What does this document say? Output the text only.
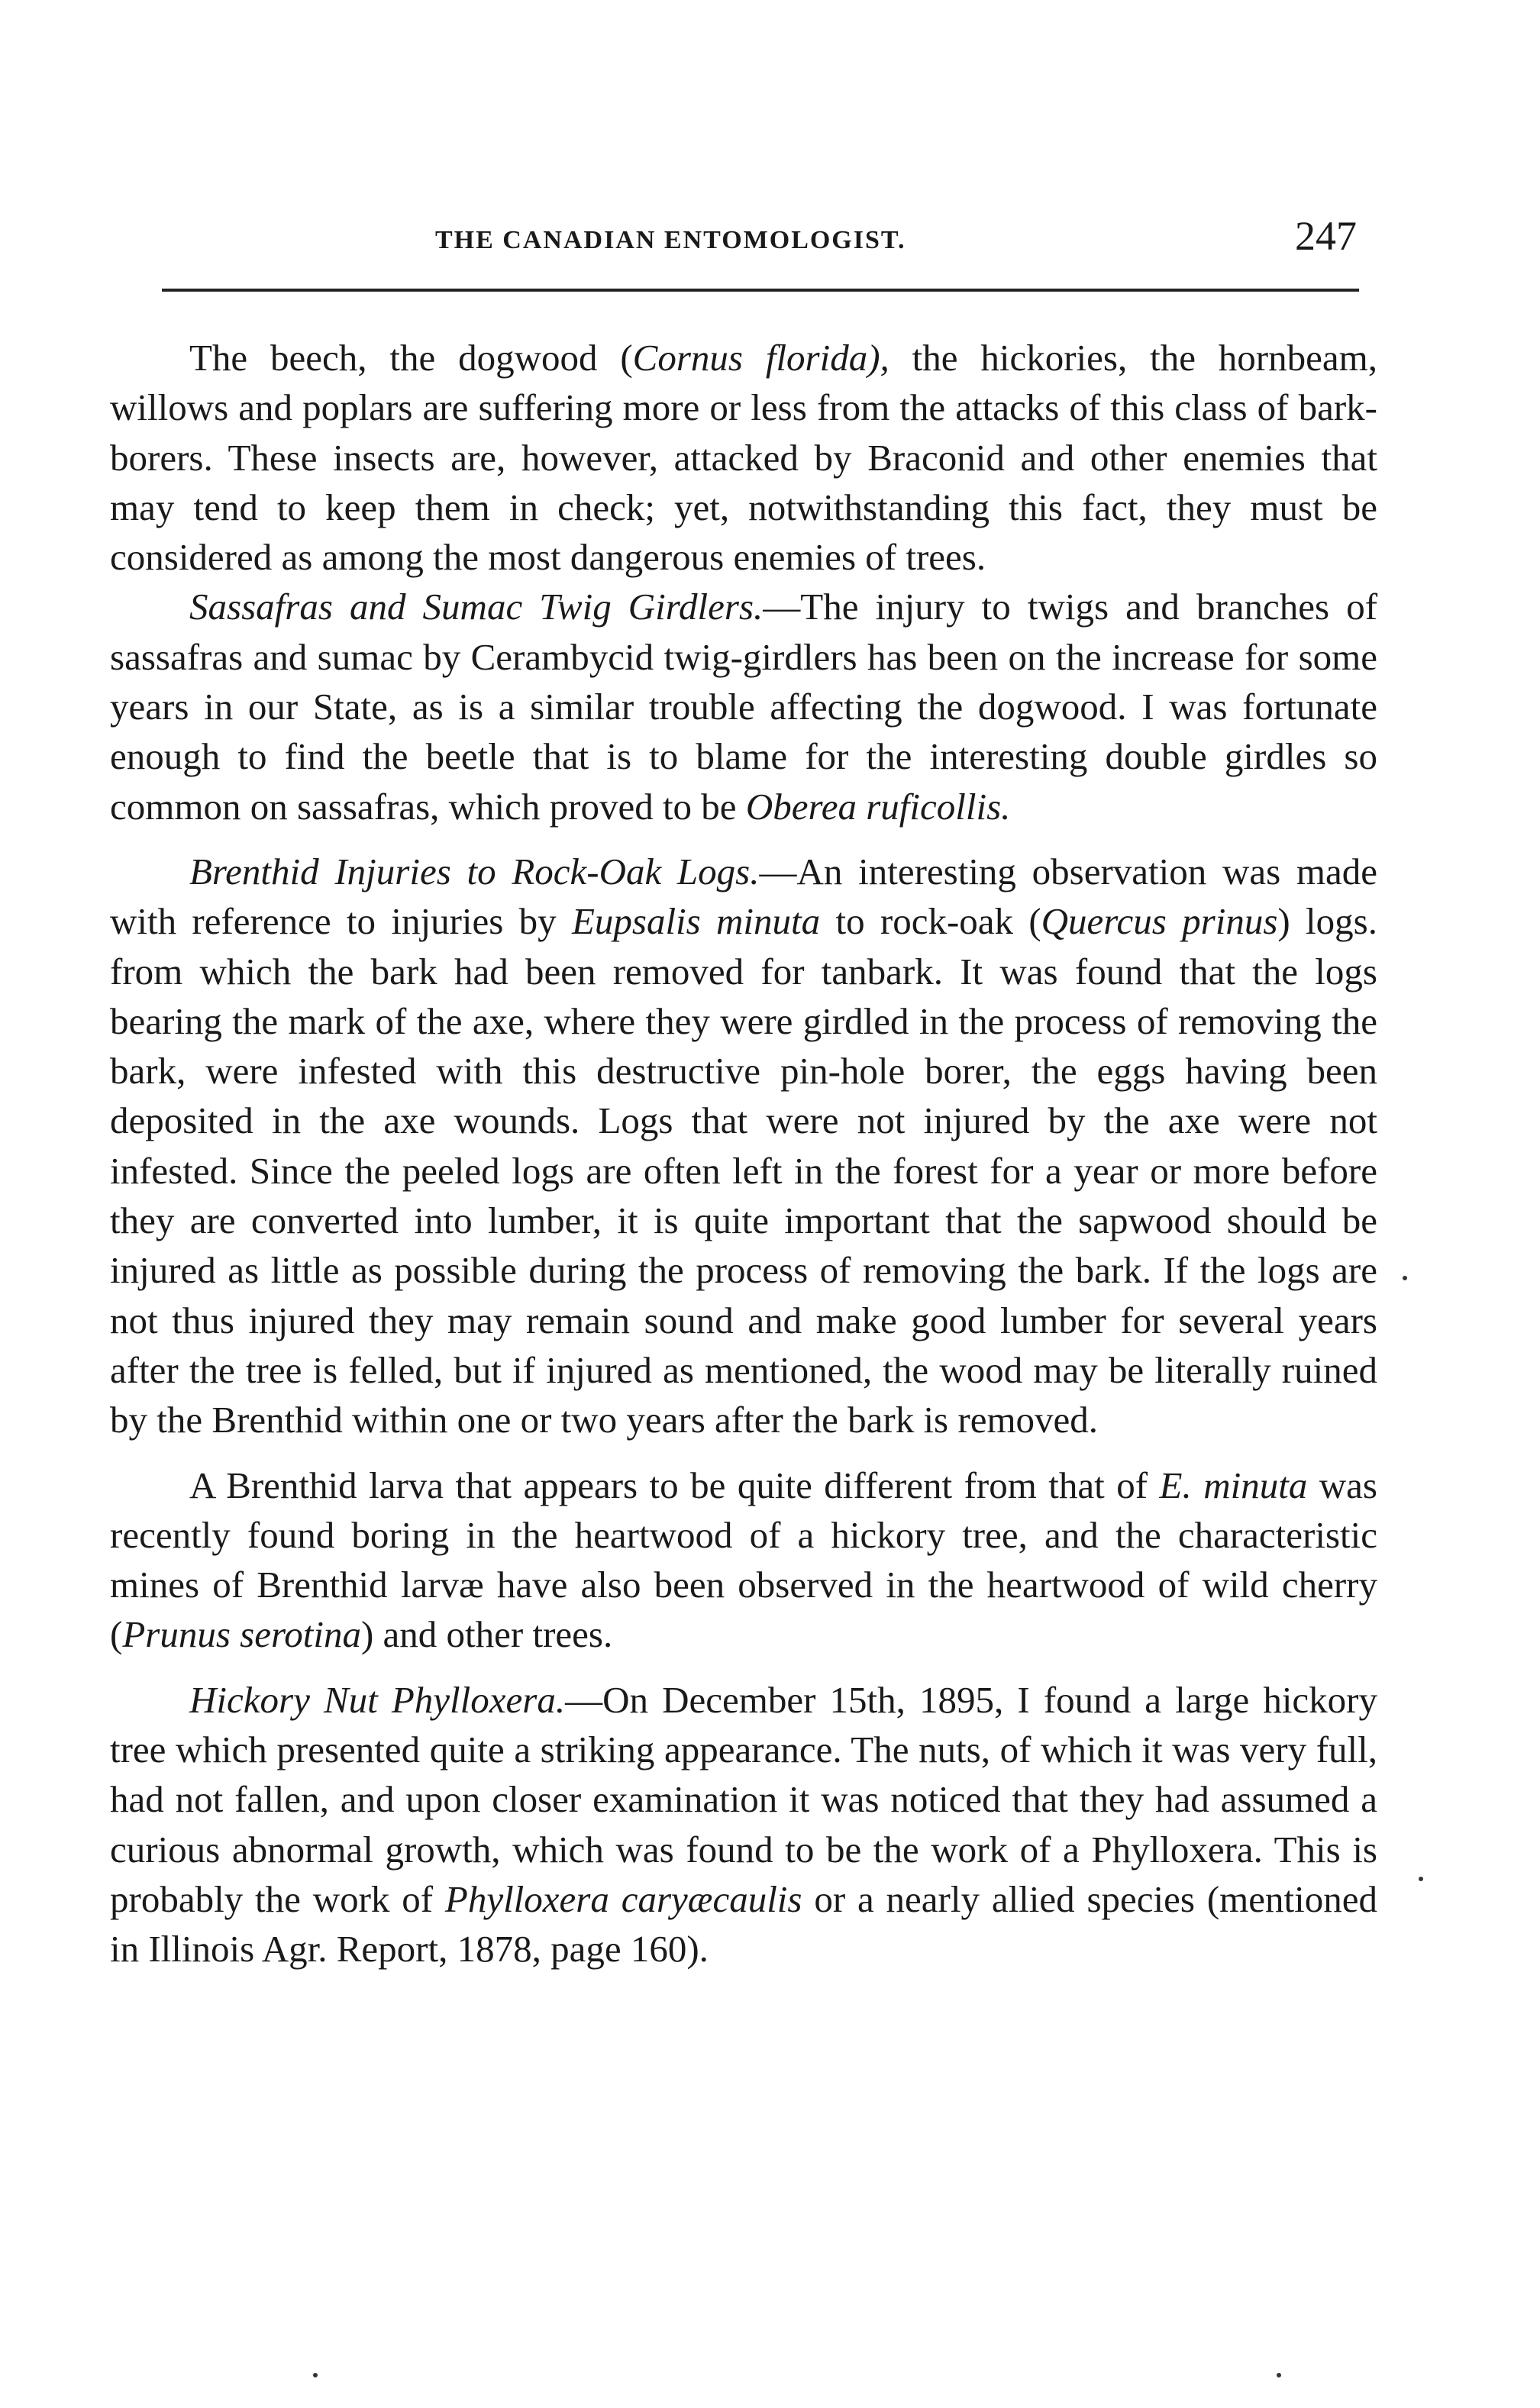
THE CANADIAN ENTOMOLOGIST.	247

The beech, the dogwood (Cornus florida), the hickories, the hornbeam, willows and poplars are suffering more or less from the attacks of this class of bark-borers. These insects are, however, attacked by Braconid and other enemies that may tend to keep them in check; yet, notwithstanding this fact, they must be considered as among the most dangerous enemies of trees.

Sassafras and Sumac Twig Girdlers.—The injury to twigs and branches of sassafras and sumac by Cerambycid twig-girdlers has been on the increase for some years in our State, as is a similar trouble affecting the dogwood. I was fortunate enough to find the beetle that is to blame for the interesting double girdles so common on sassafras, which proved to be Oberea ruficollis.

Brenthid Injuries to Rock-Oak Logs.—An interesting observation was made with reference to injuries by Eupsalis minuta to rock-oak (Quercus prinus) logs. from which the bark had been removed for tanbark. It was found that the logs bearing the mark of the axe, where they were girdled in the process of removing the bark, were infested with this destructive pin-hole borer, the eggs having been deposited in the axe wounds. Logs that were not injured by the axe were not infested. Since the peeled logs are often left in the forest for a year or more before they are converted into lumber, it is quite important that the sapwood should be injured as little as possible during the process of removing the bark. If the logs are not thus injured they may remain sound and make good lumber for several years after the tree is felled, but if injured as mentioned, the wood may be literally ruined by the Brenthid within one or two years after the bark is removed.

A Brenthid larva that appears to be quite different from that of E. minuta was recently found boring in the heartwood of a hickory tree, and the characteristic mines of Brenthid larvæ have also been observed in the heartwood of wild cherry (Prunus serotina) and other trees.

Hickory Nut Phylloxera.—On December 15th, 1895, I found a large hickory tree which presented quite a striking appearance. The nuts, of which it was very full, had not fallen, and upon closer examination it was noticed that they had assumed a curious abnormal growth, which was found to be the work of a Phylloxera. This is probably the work of Phylloxera caryæcaulis or a nearly allied species (mentioned in Illinois Agr. Report, 1878, page 160).
